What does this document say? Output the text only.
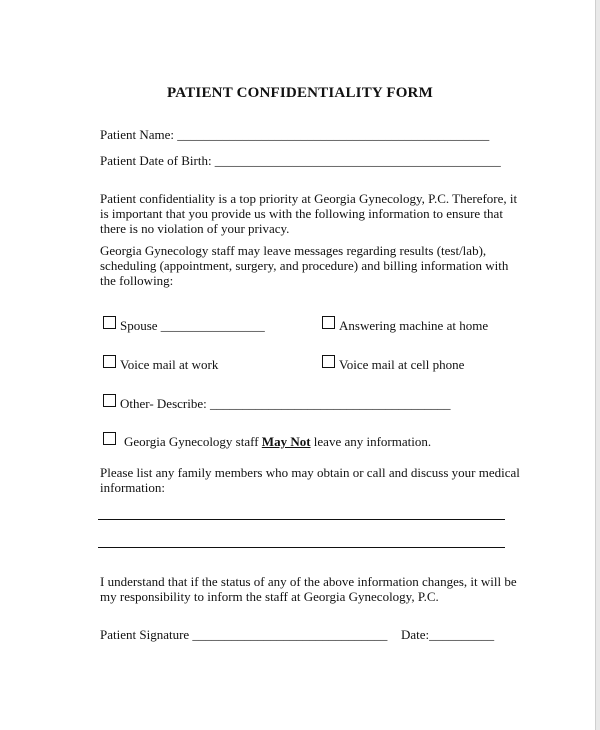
PATIENT CONFIDENTIALITY FORM
Patient Name: ________________________________________________
Patient Date of Birth: ____________________________________________
Patient confidentiality is a top priority at Georgia Gynecology, P.C. Therefore, it is important that you provide us with the following information to ensure that there is no violation of your privacy.
Georgia Gynecology staff may leave messages regarding results (test/lab), scheduling (appointment, surgery, and procedure) and billing information with the following:
Spouse ________________	Answering machine at home
Voice mail at work	Voice mail at cell phone
Other- Describe: _____________________________________
Georgia Gynecology staff May Not leave any information.
Please list any family members who may obtain or call and discuss your medical information:
I understand that if the status of any of the above information changes, it will be my responsibility to inform the staff at Georgia Gynecology, P.C.
Patient Signature ______________________________ Date:__________
